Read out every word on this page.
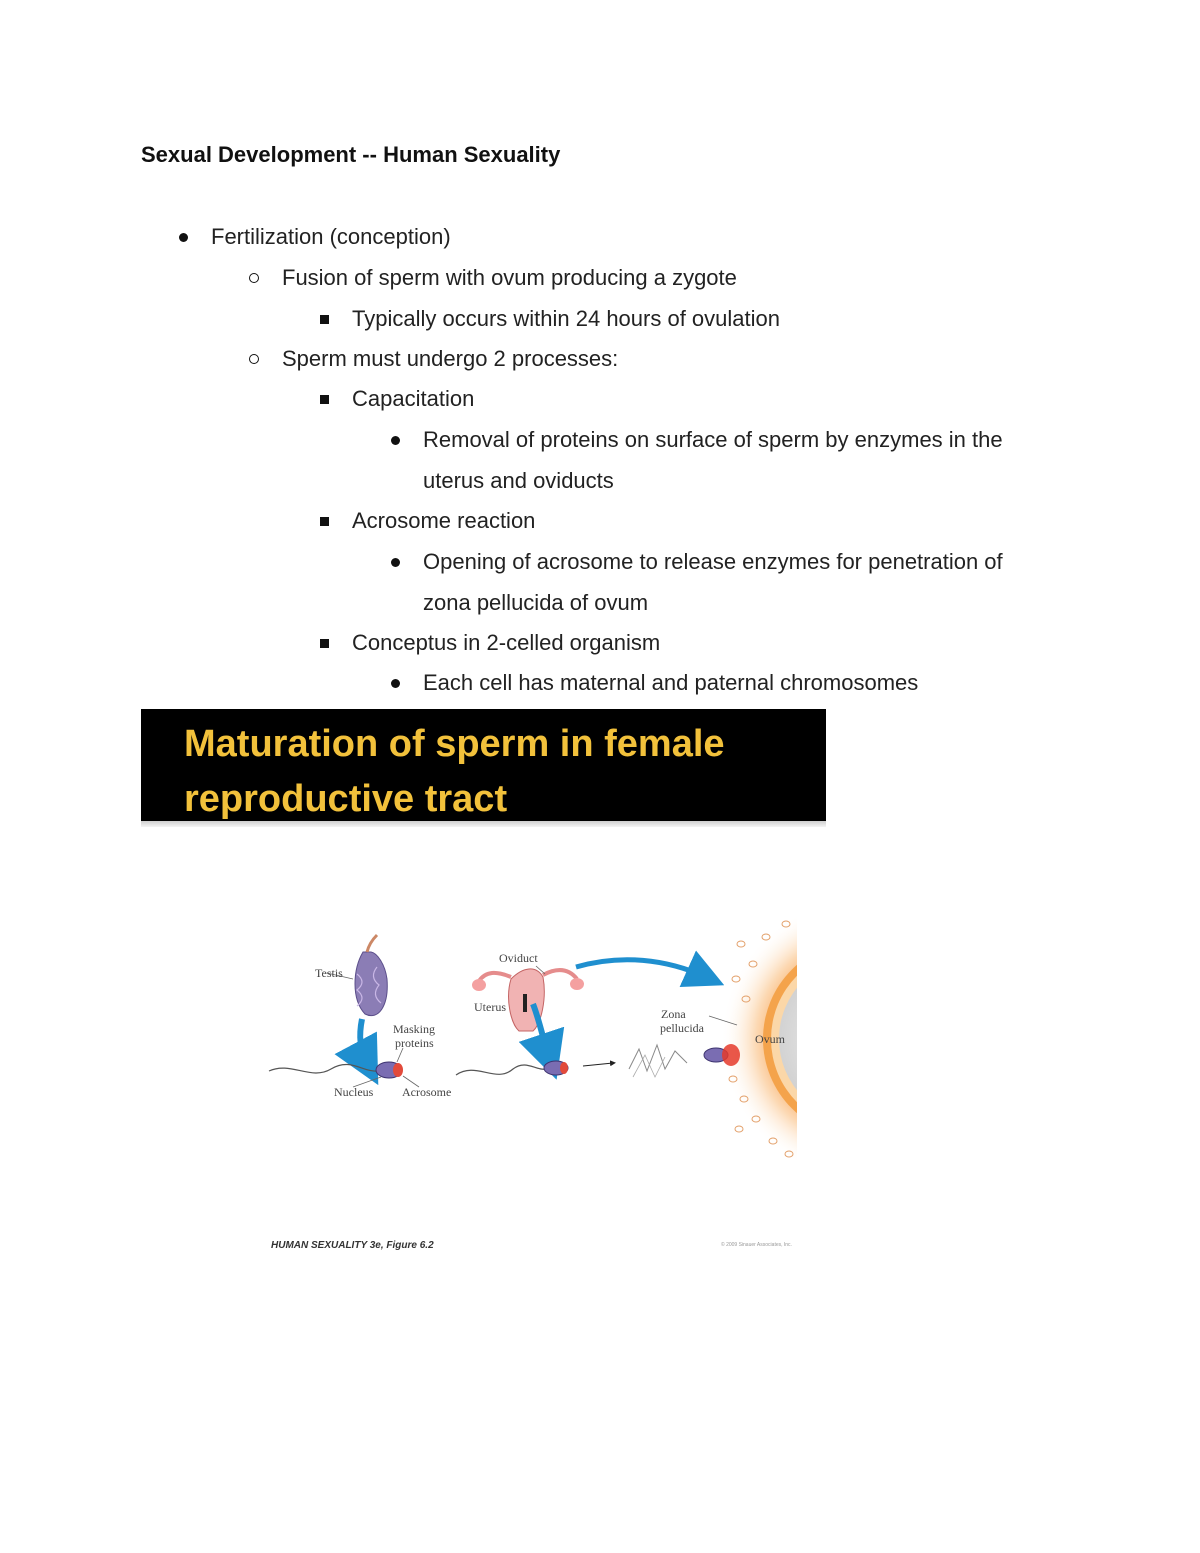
Sexual Development -- Human Sexuality
Fertilization (conception)
Fusion of sperm with ovum producing a zygote
Typically occurs within 24 hours of ovulation
Sperm must undergo 2 processes:
Capacitation
Removal of proteins on surface of sperm by enzymes in the
uterus and oviducts
Acrosome reaction
Opening of acrosome to release enzymes for penetration of
zona pellucida of ovum
Conceptus in 2-celled organism
Each cell has maternal and paternal chromosomes
Maturation of sperm in female
reproductive tract
Testis
Masking
proteins
Nucleus Acrosome
Oviduct
Uterus	Zona
pellucida
Ovum
HUMAN SEXUALITY 3e, Figure 6.2	© 2009 Sinauer Associates, Inc.
